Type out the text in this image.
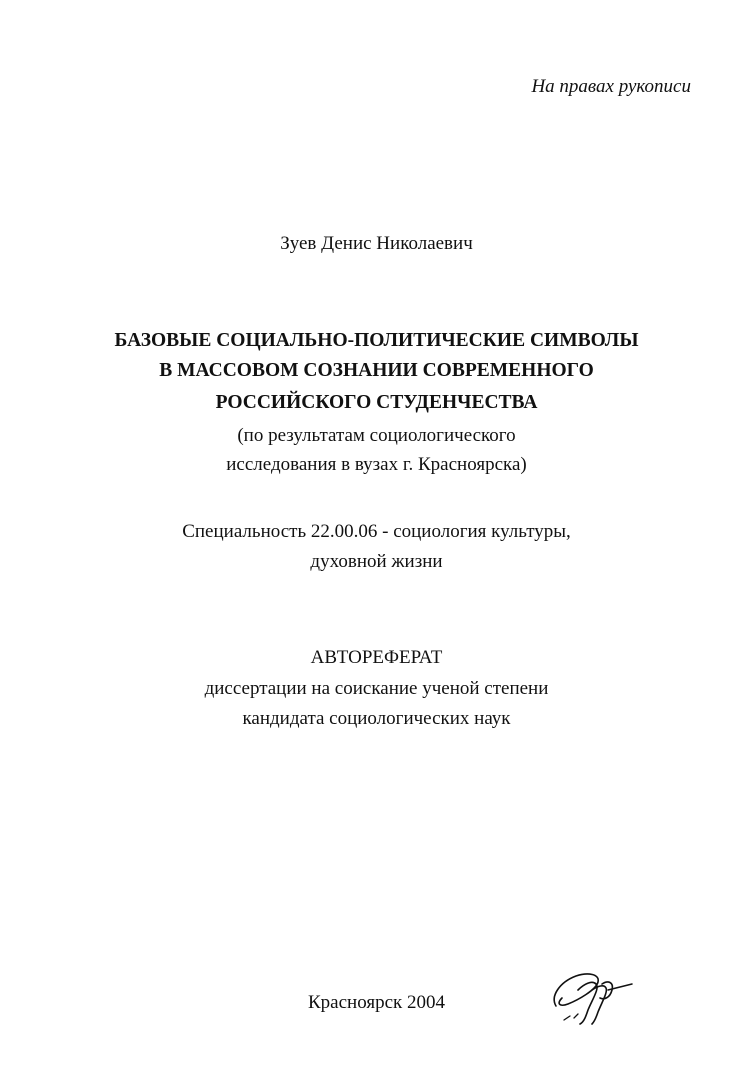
На правах рукописи
Зуев Денис Николаевич
БАЗОВЫЕ СОЦИАЛЬНО-ПОЛИТИЧЕСКИЕ СИМВОЛЫ
В МАССОВОМ СОЗНАНИИ СОВРЕМЕННОГО
РОССИЙСКОГО СТУДЕНЧЕСТВА
(по результатам социологического
исследования в вузах г. Красноярска)
Специальность 22.00.06 - социология культуры,
духовной жизни
АВТОРЕФЕРАТ
диссертации на соискание ученой степени
кандидата социологических наук
Красноярск 2004
